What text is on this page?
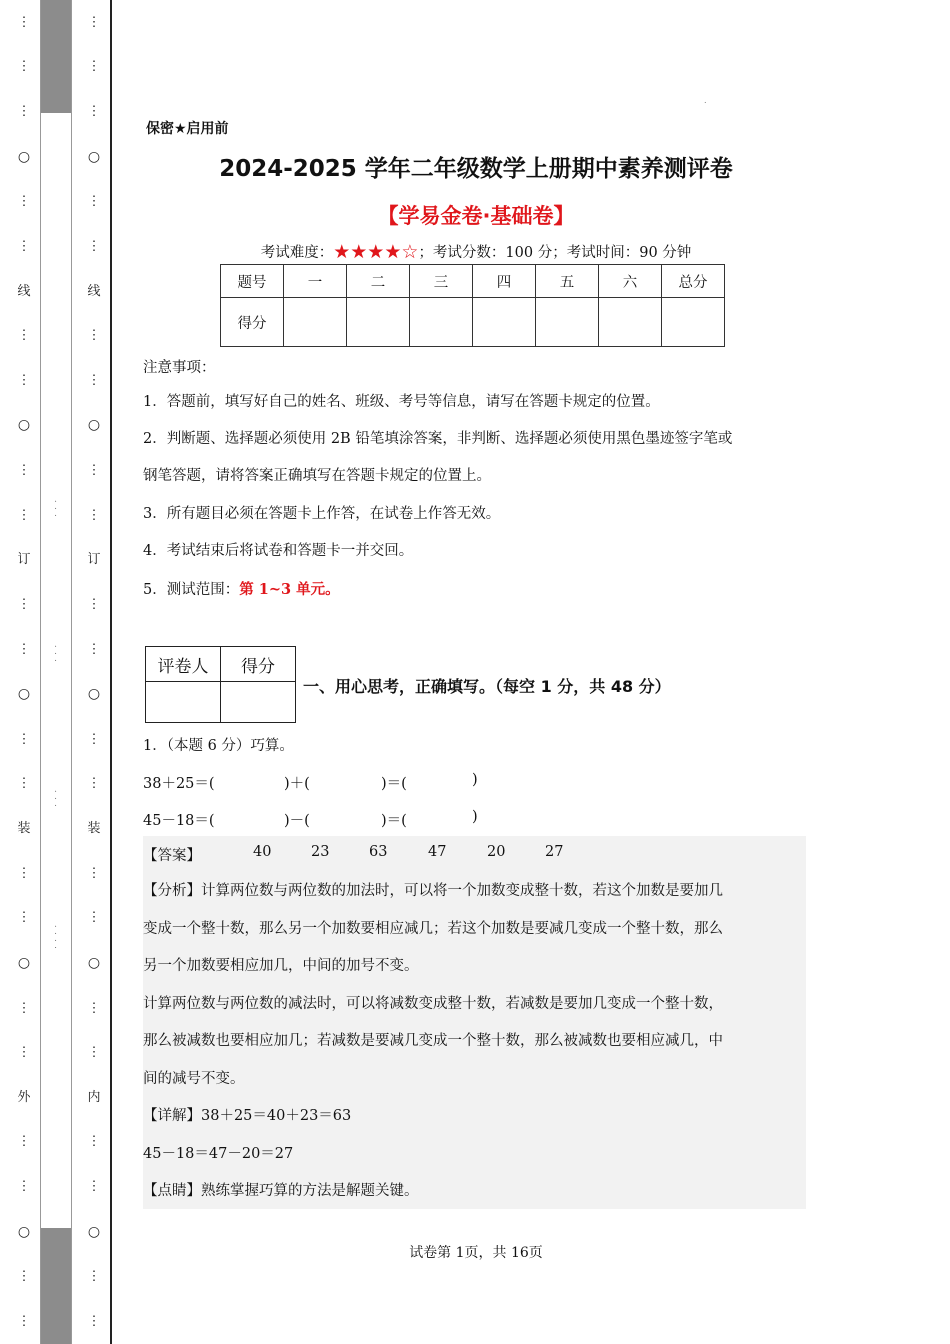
⋮
⋮
⋮
○
⋮
⋮
线
⋮
⋮
○
⋮
⋮
订
⋮
⋮
○
⋮
⋮
装
⋮
⋮
○
⋮
⋮
外
⋮
⋮
○
⋮
⋮
. . .
. . .
. . .
. . . .
⋮
⋮
⋮
○
⋮
⋮
线
⋮
⋮
○
⋮
⋮
订
⋮
⋮
○
⋮
⋮
装
⋮
⋮
○
⋮
⋮
内
⋮
⋮
○
⋮
⋮
.
保密★启用前
2024-2025 学年二年级数学上册期中素养测评卷
【学易金卷·基础卷】
考试难度：★★★★☆；考试分数：100 分；考试时间：90 分钟
题号	一	二	三	四	五	六	总分
得分							
注意事项：
1．答题前，填写好自己的姓名、班级、考号等信息，请写在答题卡规定的位置。
2．判断题、选择题必须使用 2B 铅笔填涂答案，非判断、选择题必须使用黑色墨迹签字笔或
钢笔答题，请将答案正确填写在答题卡规定的位置上。
3．所有题目必须在答题卡上作答，在试卷上作答无效。
4．考试结束后将试卷和答题卡一并交回。
5．测试范围：第 1~3 单元。
评卷人	得分

一、用心思考，正确填写。（每空 1 分，共 48 分）
1．（本题 6 分）巧算。
38＋25＝(	)＋(	)＝(	)
45－18＝(	)－(	)＝(	)
【答案】	40	23	63	47	20	27
【分析】计算两位数与两位数的加法时，可以将一个加数变成整十数，若这个加数是要加几
变成一个整十数，那么另一个加数要相应减几；若这个加数是要减几变成一个整十数，那么
另一个加数要相应加几，中间的加号不变。
计算两位数与两位数的减法时，可以将减数变成整十数，若减数是要加几变成一个整十数，
那么被减数也要相应加几；若减数是要减几变成一个整十数，那么被减数也要相应减几，中
间的减号不变。
【详解】38＋25＝40＋23＝63
45－18＝47－20＝27
【点睛】熟练掌握巧算的方法是解题关键。
试卷第 1页，共 16页
